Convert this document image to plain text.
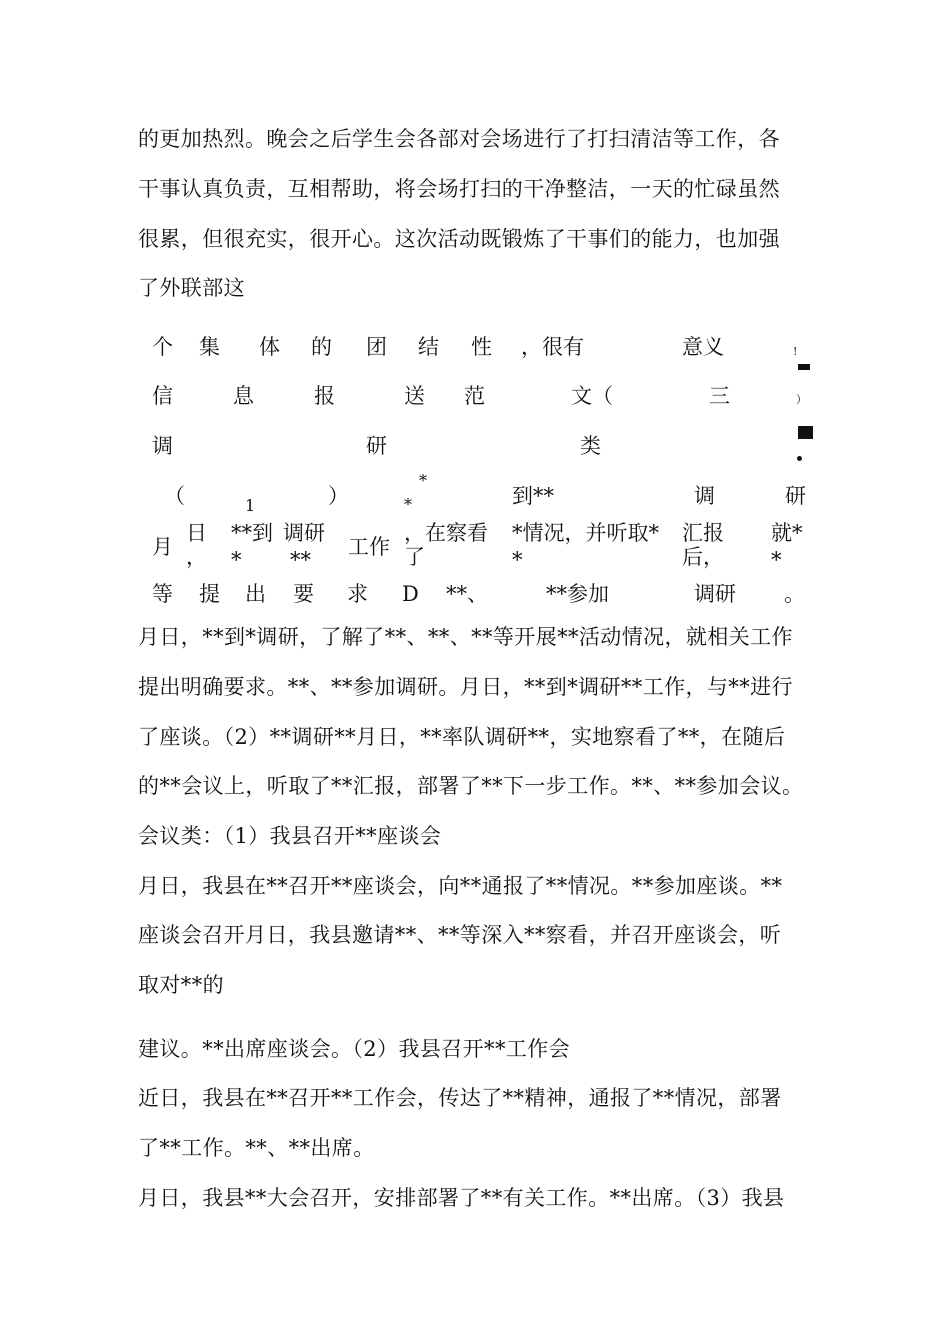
的更加热烈。晚会之后学生会各部对会场进行了打扫清洁等工作，各
干事认真负责，互相帮助，将会场打扫的干净整洁，一天的忙碌虽然
很累，但很充实，很开心。这次活动既锻炼了干事们的能力，也加强
了外联部这
个 集 体 的 团 结 性 ，很有	意义	!
）
信	息	报	送 范	文（	三
调	研	类
（	1	）
*
*	到**	调	研
月
日
，
**到
*
调研
**
工作
，在察看
了
*情况，并听取*
*
汇报
后，
就*
*
等 提 出 要 求 D **、	**参加	调研 。
月日，**到*调研，了解了**、**、**等开展**活动情况，就相关工作
提出明确要求。**、**参加调研。月日，**到*调研**工作，与**进行
了座谈。（2）**调研**月日，**率队调研**，实地察看了**，在随后
的**会议上，听取了**汇报，部署了**下一步工作。**、**参加会议。
会议类：（1）我县召开**座谈会
月日，我县在**召开**座谈会，向**通报了**情况。**参加座谈。**
座谈会召开月日，我县邀请**、**等深入**察看，并召开座谈会，听
取对**的
建议。**出席座谈会。（2）我县召开**工作会
近日，我县在**召开**工作会，传达了**精神，通报了**情况，部署
了**工作。**、**出席。
月日，我县**大会召开，安排部署了**有关工作。**出席。（3）我县
